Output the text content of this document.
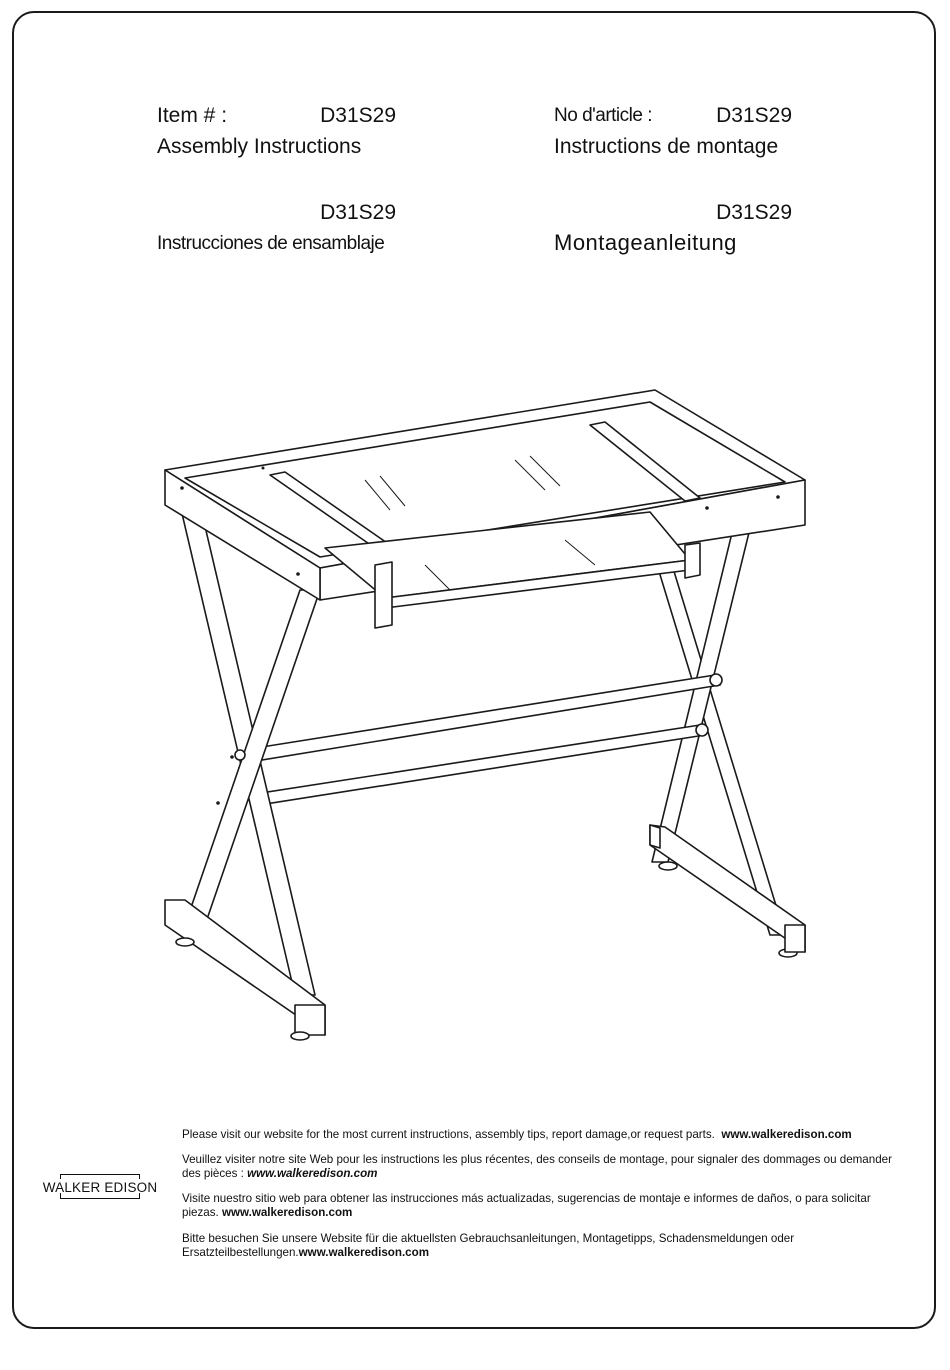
Item # :	D31S29
Assembly Instructions
No d'article :	D31S29
Instructions de montage
D31S29
Instrucciones de ensamblaje
D31S29
Montageanleitung
Please visit our website for the most current instructions, assembly tips, report damage,or request parts. www.walkeredison.com
Veuillez visiter notre site Web pour les instructions les plus récentes, des conseils de montage, pour signaler des dommages ou demander des pièces : www.walkeredison.com
Visite nuestro sitio web para obtener las instrucciones más actualizadas, sugerencias de montaje e informes de daños, o para solicitar piezas. www.walkeredison.com
Bitte besuchen Sie unsere Website für die aktuellsten Gebrauchsanleitungen, Montagetipps, Schadensmeldungen oder Ersatzteilbestellungen.www.walkeredison.com
WALKER EDISON
